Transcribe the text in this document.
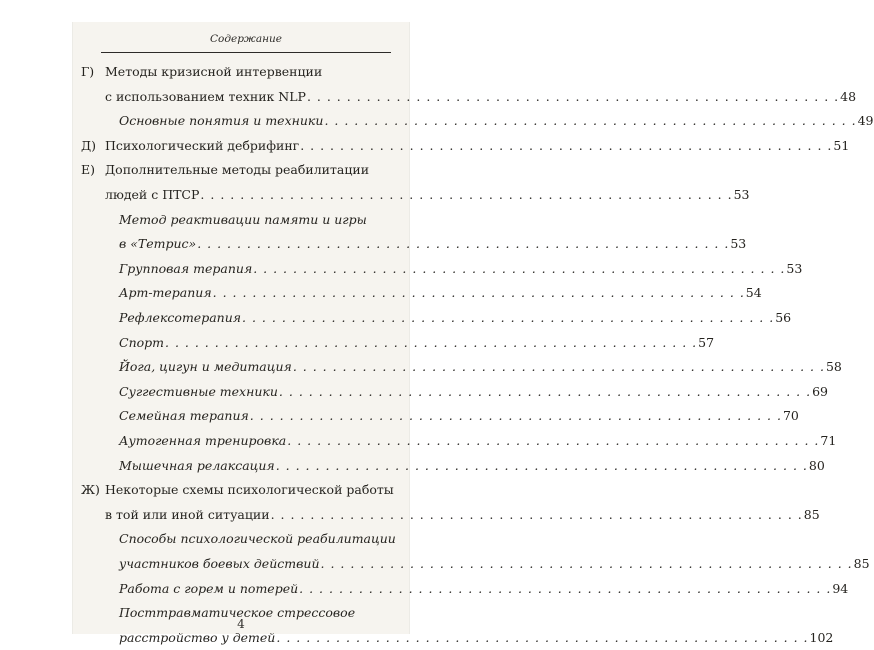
Содержание
Г) Методы кризисной интервенции
с использованием техник NLP . . . . . . . . . . . . . . . . . . . . . . . . . . . . . . . . . . . . . . . . . . . . . . . . . . . . . . 48
Основные понятия и техники . . . . . . . . . . . . . . . . . . . . . . . . . . . . . . . . . . . . . . . . . . . . . . . . . . . . . . 49
Д) Психологический дебрифинг . . . . . . . . . . . . . . . . . . . . . . . . . . . . . . . . . . . . . . . . . . . . . . . . . . . . . . 51
Е) Дополнительные методы реабилитации
людей с ПТСР . . . . . . . . . . . . . . . . . . . . . . . . . . . . . . . . . . . . . . . . . . . . . . . . . . . . . . 53
Метод реактивации памяти и игры
в «Тетрис» . . . . . . . . . . . . . . . . . . . . . . . . . . . . . . . . . . . . . . . . . . . . . . . . . . . . . . 53
Групповая терапия . . . . . . . . . . . . . . . . . . . . . . . . . . . . . . . . . . . . . . . . . . . . . . . . . . . . . . 53
Арт-терапия . . . . . . . . . . . . . . . . . . . . . . . . . . . . . . . . . . . . . . . . . . . . . . . . . . . . . . 54
Рефлексотерапия . . . . . . . . . . . . . . . . . . . . . . . . . . . . . . . . . . . . . . . . . . . . . . . . . . . . . . 56
Спорт . . . . . . . . . . . . . . . . . . . . . . . . . . . . . . . . . . . . . . . . . . . . . . . . . . . . . . 57
Йога, цигун и медитация . . . . . . . . . . . . . . . . . . . . . . . . . . . . . . . . . . . . . . . . . . . . . . . . . . . . . . 58
Суггестивные техники . . . . . . . . . . . . . . . . . . . . . . . . . . . . . . . . . . . . . . . . . . . . . . . . . . . . . . 69
Семейная терапия . . . . . . . . . . . . . . . . . . . . . . . . . . . . . . . . . . . . . . . . . . . . . . . . . . . . . . 70
Аутогенная тренировка . . . . . . . . . . . . . . . . . . . . . . . . . . . . . . . . . . . . . . . . . . . . . . . . . . . . . . 71
Мышечная релаксация . . . . . . . . . . . . . . . . . . . . . . . . . . . . . . . . . . . . . . . . . . . . . . . . . . . . . . 80
Ж) Некоторые схемы психологической работы
в той или иной ситуации . . . . . . . . . . . . . . . . . . . . . . . . . . . . . . . . . . . . . . . . . . . . . . . . . . . . . . 85
Способы психологической реабилитации
участников боевых действий . . . . . . . . . . . . . . . . . . . . . . . . . . . . . . . . . . . . . . . . . . . . . . . . . . . . . . 85
Работа с горем и потерей . . . . . . . . . . . . . . . . . . . . . . . . . . . . . . . . . . . . . . . . . . . . . . . . . . . . . . 94
Посттравматическое стрессовое
расстройство у детей . . . . . . . . . . . . . . . . . . . . . . . . . . . . . . . . . . . . . . . . . . . . . . . . . . . . . . 102
4
